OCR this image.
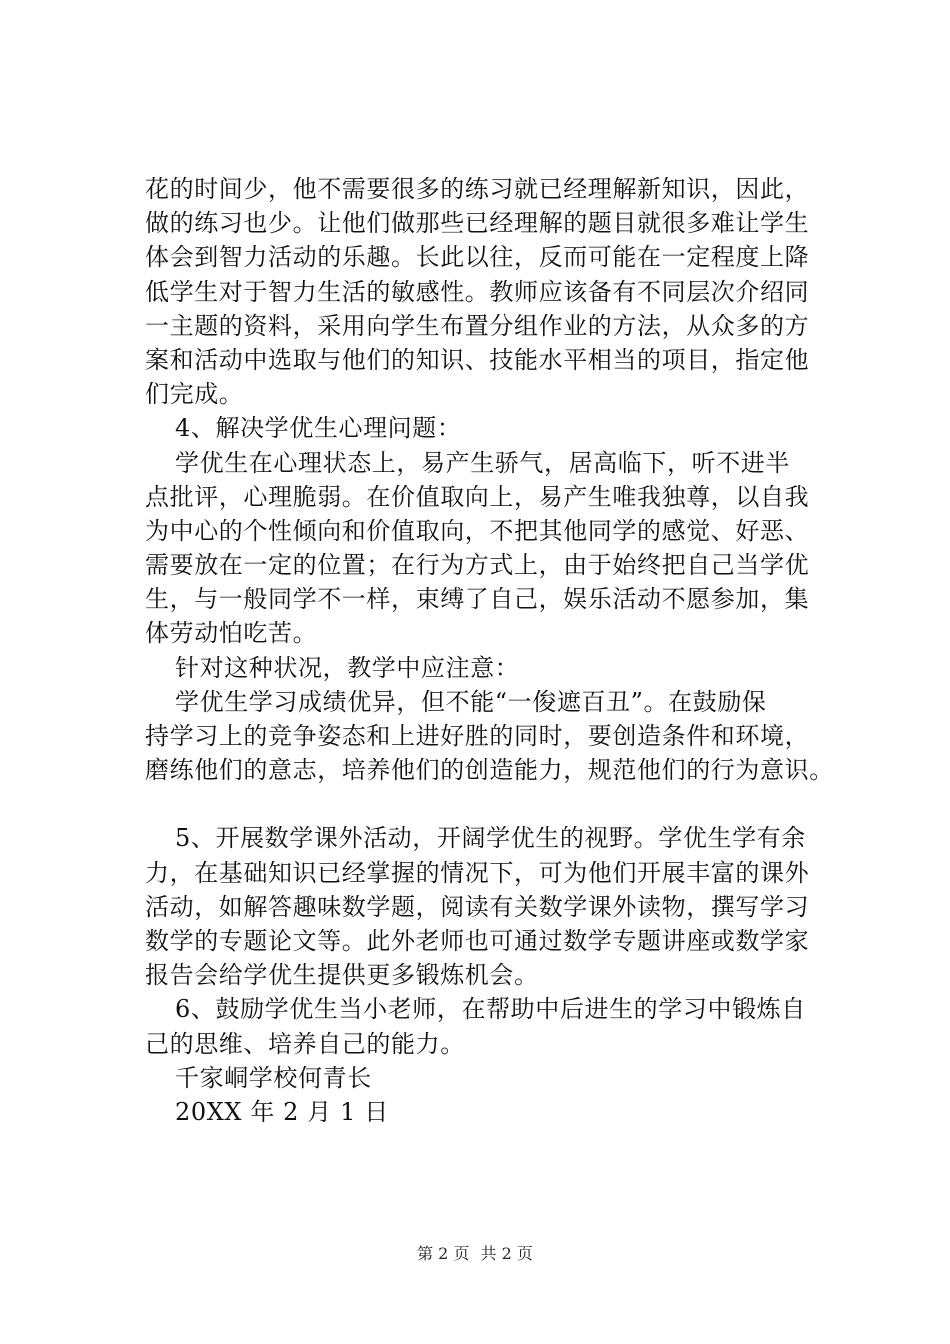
花的时间少，他不需要很多的练习就已经理解新知识，因此，
做的练习也少。让他们做那些已经理解的题目就很多难让学生
体会到智力活动的乐趣。长此以往，反而可能在一定程度上降
低学生对于智力生活的敏感性。教师应该备有不同层次介绍同
一主题的资料，采用向学生布置分组作业的方法，从众多的方
案和活动中选取与他们的知识、技能水平相当的项目，指定他
们完成。
4、解决学优生心理问题：
学优生在心理状态上，易产生骄气，居高临下，听不进半
点批评，心理脆弱。在价值取向上，易产生唯我独尊，以自我
为中心的个性倾向和价值取向，不把其他同学的感觉、好恶、
需要放在一定的位置；在行为方式上，由于始终把自己当学优
生，与一般同学不一样，束缚了自己，娱乐活动不愿参加，集
体劳动怕吃苦。
针对这种状况，教学中应注意：
学优生学习成绩优异，但不能“一俊遮百丑”。在鼓励保
持学习上的竞争姿态和上进好胜的同时，要创造条件和环境，
磨练他们的意志，培养他们的创造能力，规范他们的行为意识。
5、开展数学课外活动，开阔学优生的视野。学优生学有余
力，在基础知识已经掌握的情况下，可为他们开展丰富的课外
活动，如解答趣味数学题，阅读有关数学课外读物，撰写学习
数学的专题论文等。此外老师也可通过数学专题讲座或数学家
报告会给学优生提供更多锻炼机会。
6、鼓励学优生当小老师，在帮助中后进生的学习中锻炼自
己的思维、培养自己的能力。
千家峒学校何青长
20XX 年 2 月 1 日
第 2 页 共 2 页
